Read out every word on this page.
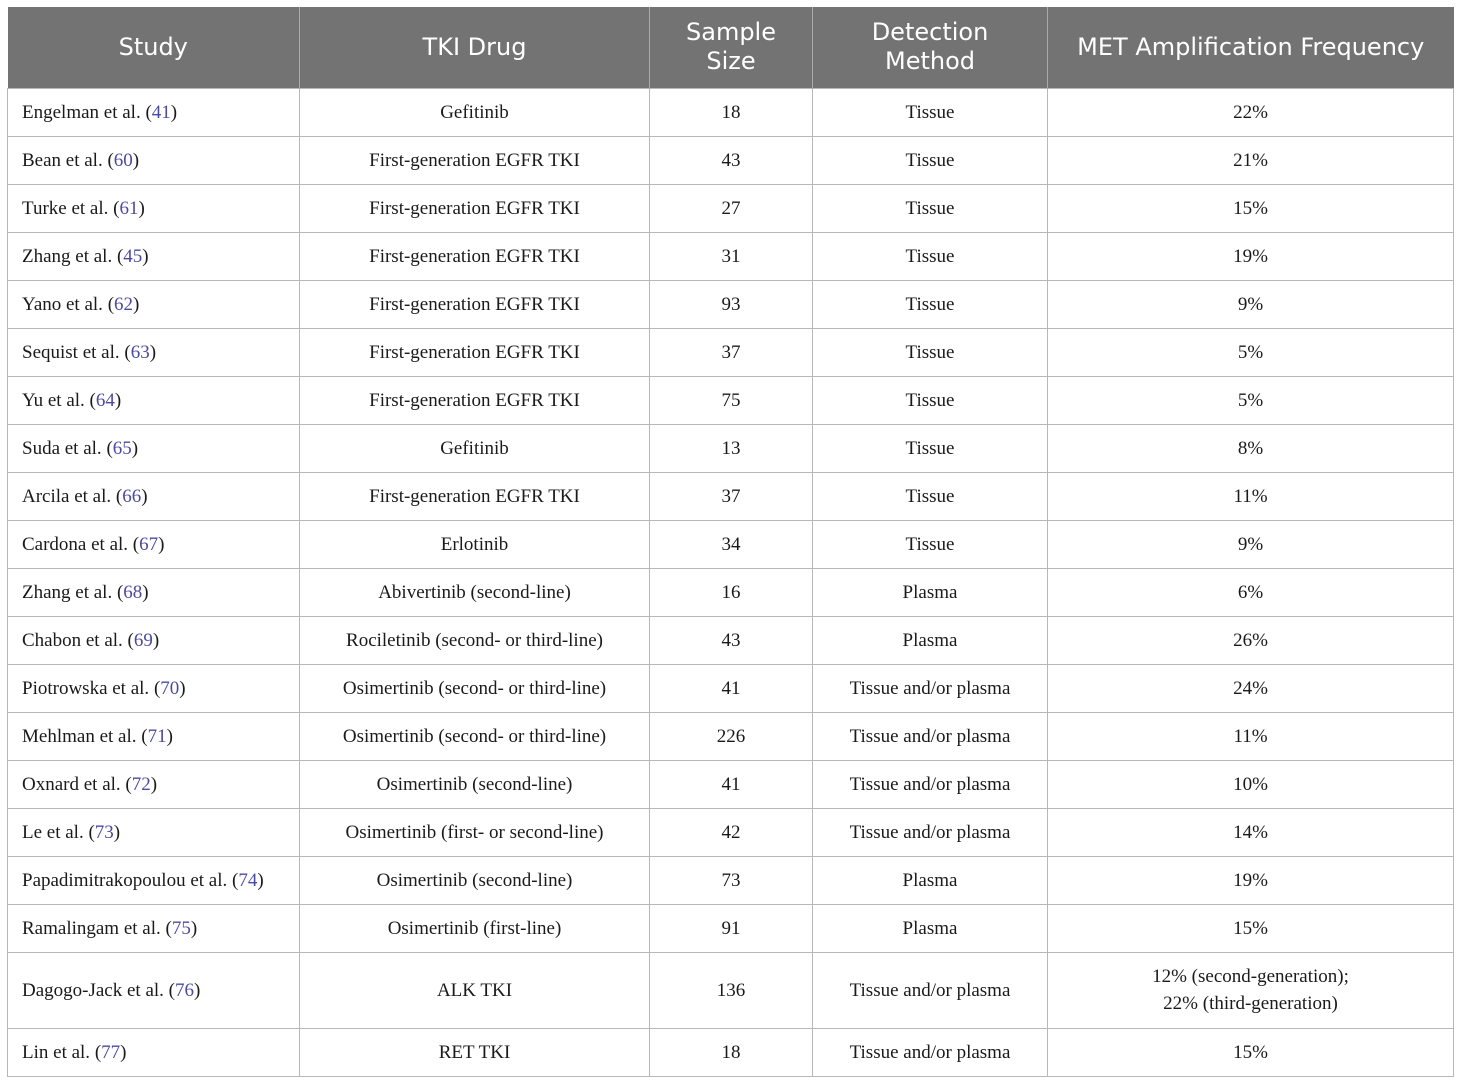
Study	TKI Drug	Sample Size	Detection Method	MET Amplification Frequency
Engelman et al. (41)	Gefitinib	18	Tissue	22%
Bean et al. (60)	First-generation EGFR TKI	43	Tissue	21%
Turke et al. (61)	First-generation EGFR TKI	27	Tissue	15%
Zhang et al. (45)	First-generation EGFR TKI	31	Tissue	19%
Yano et al. (62)	First-generation EGFR TKI	93	Tissue	9%
Sequist et al. (63)	First-generation EGFR TKI	37	Tissue	5%
Yu et al. (64)	First-generation EGFR TKI	75	Tissue	5%
Suda et al. (65)	Gefitinib	13	Tissue	8%
Arcila et al. (66)	First-generation EGFR TKI	37	Tissue	11%
Cardona et al. (67)	Erlotinib	34	Tissue	9%
Zhang et al. (68)	Abivertinib (second-line)	16	Plasma	6%
Chabon et al. (69)	Rociletinib (second- or third-line)	43	Plasma	26%
Piotrowska et al. (70)	Osimertinib (second- or third-line)	41	Tissue and/or plasma	24%
Mehlman et al. (71)	Osimertinib (second- or third-line)	226	Tissue and/or plasma	11%
Oxnard et al. (72)	Osimertinib (second-line)	41	Tissue and/or plasma	10%
Le et al. (73)	Osimertinib (first- or second-line)	42	Tissue and/or plasma	14%
Papadimitrakopoulou et al. (74)	Osimertinib (second-line)	73	Plasma	19%
Ramalingam et al. (75)	Osimertinib (first-line)	91	Plasma	15%
Dagogo-Jack et al. (76)	ALK TKI	136	Tissue and/or plasma	12% (second-generation); 22% (third-generation)
Lin et al. (77)	RET TKI	18	Tissue and/or plasma	15%
